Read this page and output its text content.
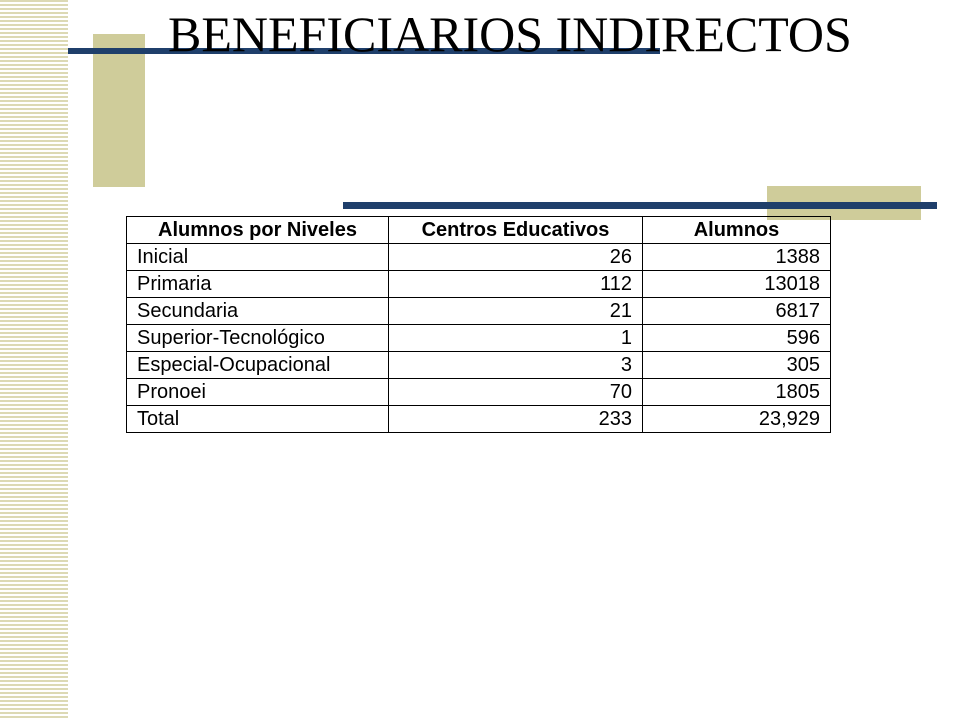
BENEFICIARIOS INDIRECTOS
Alumnos por Niveles	Centros Educativos	Alumnos
Inicial	26	1388
Primaria	112	13018
Secundaria	21	6817
Superior-Tecnológico	1	596
Especial-Ocupacional	3	305
Pronoei	70	1805
Total	233	23,929
